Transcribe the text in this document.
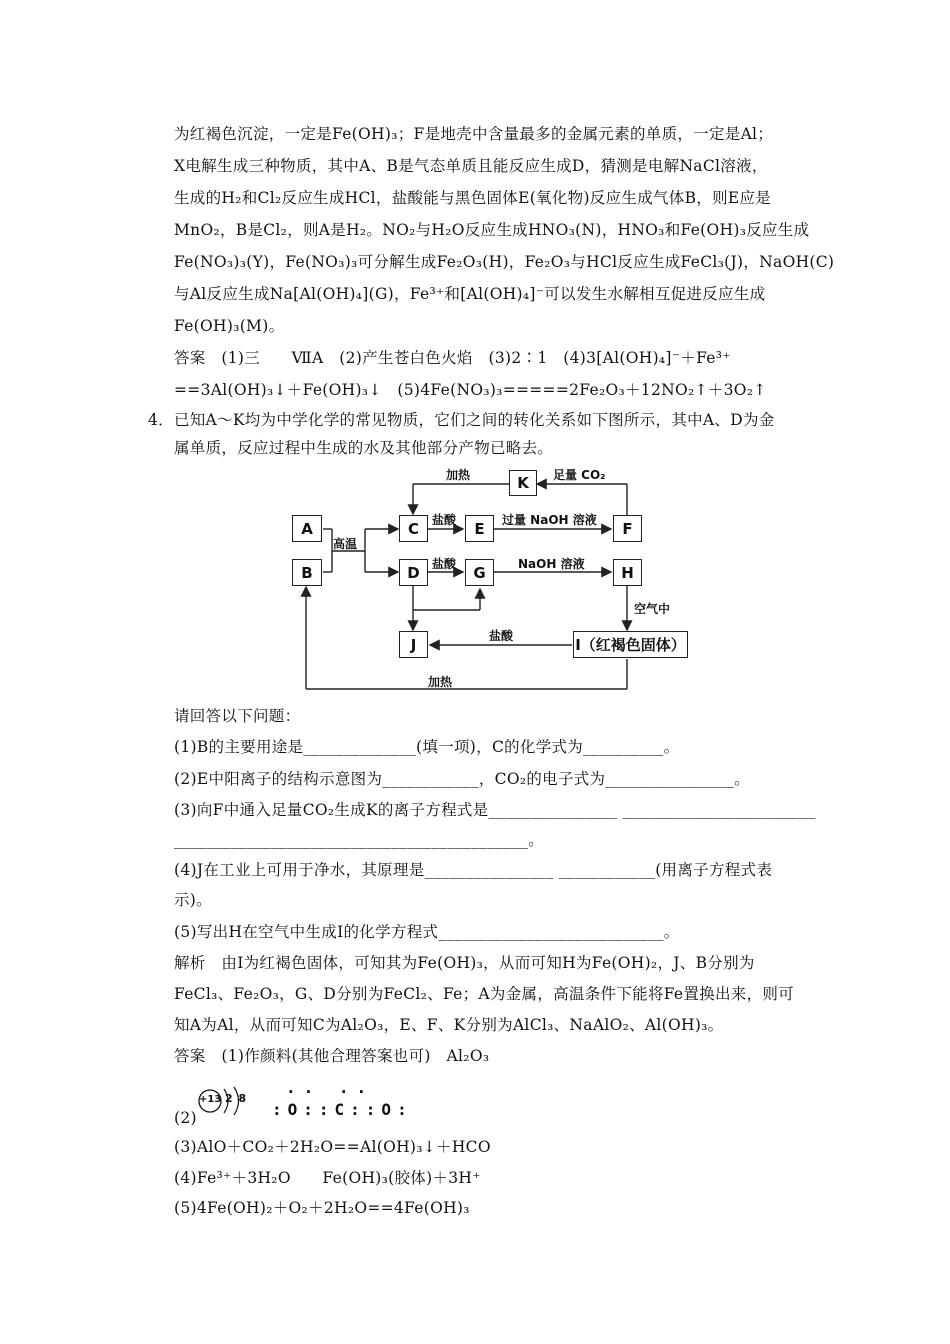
为红褐色沉淀，一定是Fe(OH)₃；F是地壳中含量最多的金属元素的单质，一定是Al；
X电解生成三种物质，其中A、B是气态单质且能反应生成D，猜测是电解NaCl溶液，
生成的H₂和Cl₂反应生成HCl，盐酸能与黑色固体E(氧化物)反应生成气体B，则E应是
MnO₂，B是Cl₂，则A是H₂。NO₂与H₂O反应生成HNO₃(N)，HNO₃和Fe(OH)₃反应生成
Fe(NO₃)₃(Y)，Fe(NO₃)₃可分解生成Fe₂O₃(H)，Fe₂O₃与HCl反应生成FeCl₃(J)，NaOH(C)
与Al反应生成Na[Al(OH)₄](G)，Fe³⁺和[Al(OH)₄]⁻可以发生水解相互促进反应生成
Fe(OH)₃(M)。
答案　(1)三　　ⅦA　(2)产生苍白色火焰　(3)2∶1　(4)3[Al(OH)₄]⁻＋Fe³⁺
==3Al(OH)₃↓＋Fe(OH)₃↓　(5)4Fe(NO₃)₃=====2Fe₂O₃＋12NO₂↑＋3O₂↑
4．已知A～K均为中学化学的常见物质，它们之间的转化关系如下图所示，其中A、D为金
属单质，反应过程中生成的水及其他部分产物已略去。
A
B
C	E	F
K
D	G	H
J	I（红褐色固体）
加热	足量 CO₂
高温
盐酸	过量 NaOH 溶液
盐酸	NaOH 溶液
空气中
盐酸
加热
请回答以下问题：
(1)B的主要用途是______________(填一项)，C的化学式为__________。
(2)E中阳离子的结构示意图为____________，CO₂的电子式为________________。
(3)向F中通入足量CO₂生成K的离子方程式是________________ ________________________
____________________________________________。
(4)J在工业上可用于净水，其原理是________________ ____________(用离子方程式表
示)。
(5)写出H在空气中生成I的化学方程式____________________________。
解析　由I为红褐色固体，可知其为Fe(OH)₃，从而可知H为Fe(OH)₂，J、B分别为
FeCl₃、Fe₂O₃，G、D分别为FeCl₂、Fe；A为金属，高温条件下能将Fe置换出来，则可
知A为Al，从而可知C为Al₂O₃，E、F、K分别为AlCl₃、NaAlO₂、Al(OH)₃。
答案　(1)作颜料(其他合理答案也可)　Al₂O₃
(2)
+13 2 8
.. ..
:O::C::O:
(3)AlO＋CO₂＋2H₂O==Al(OH)₃↓＋HCO
(4)Fe³⁺＋3H₂O　　Fe(OH)₃(胶体)＋3H⁺
(5)4Fe(OH)₂＋O₂＋2H₂O==4Fe(OH)₃
